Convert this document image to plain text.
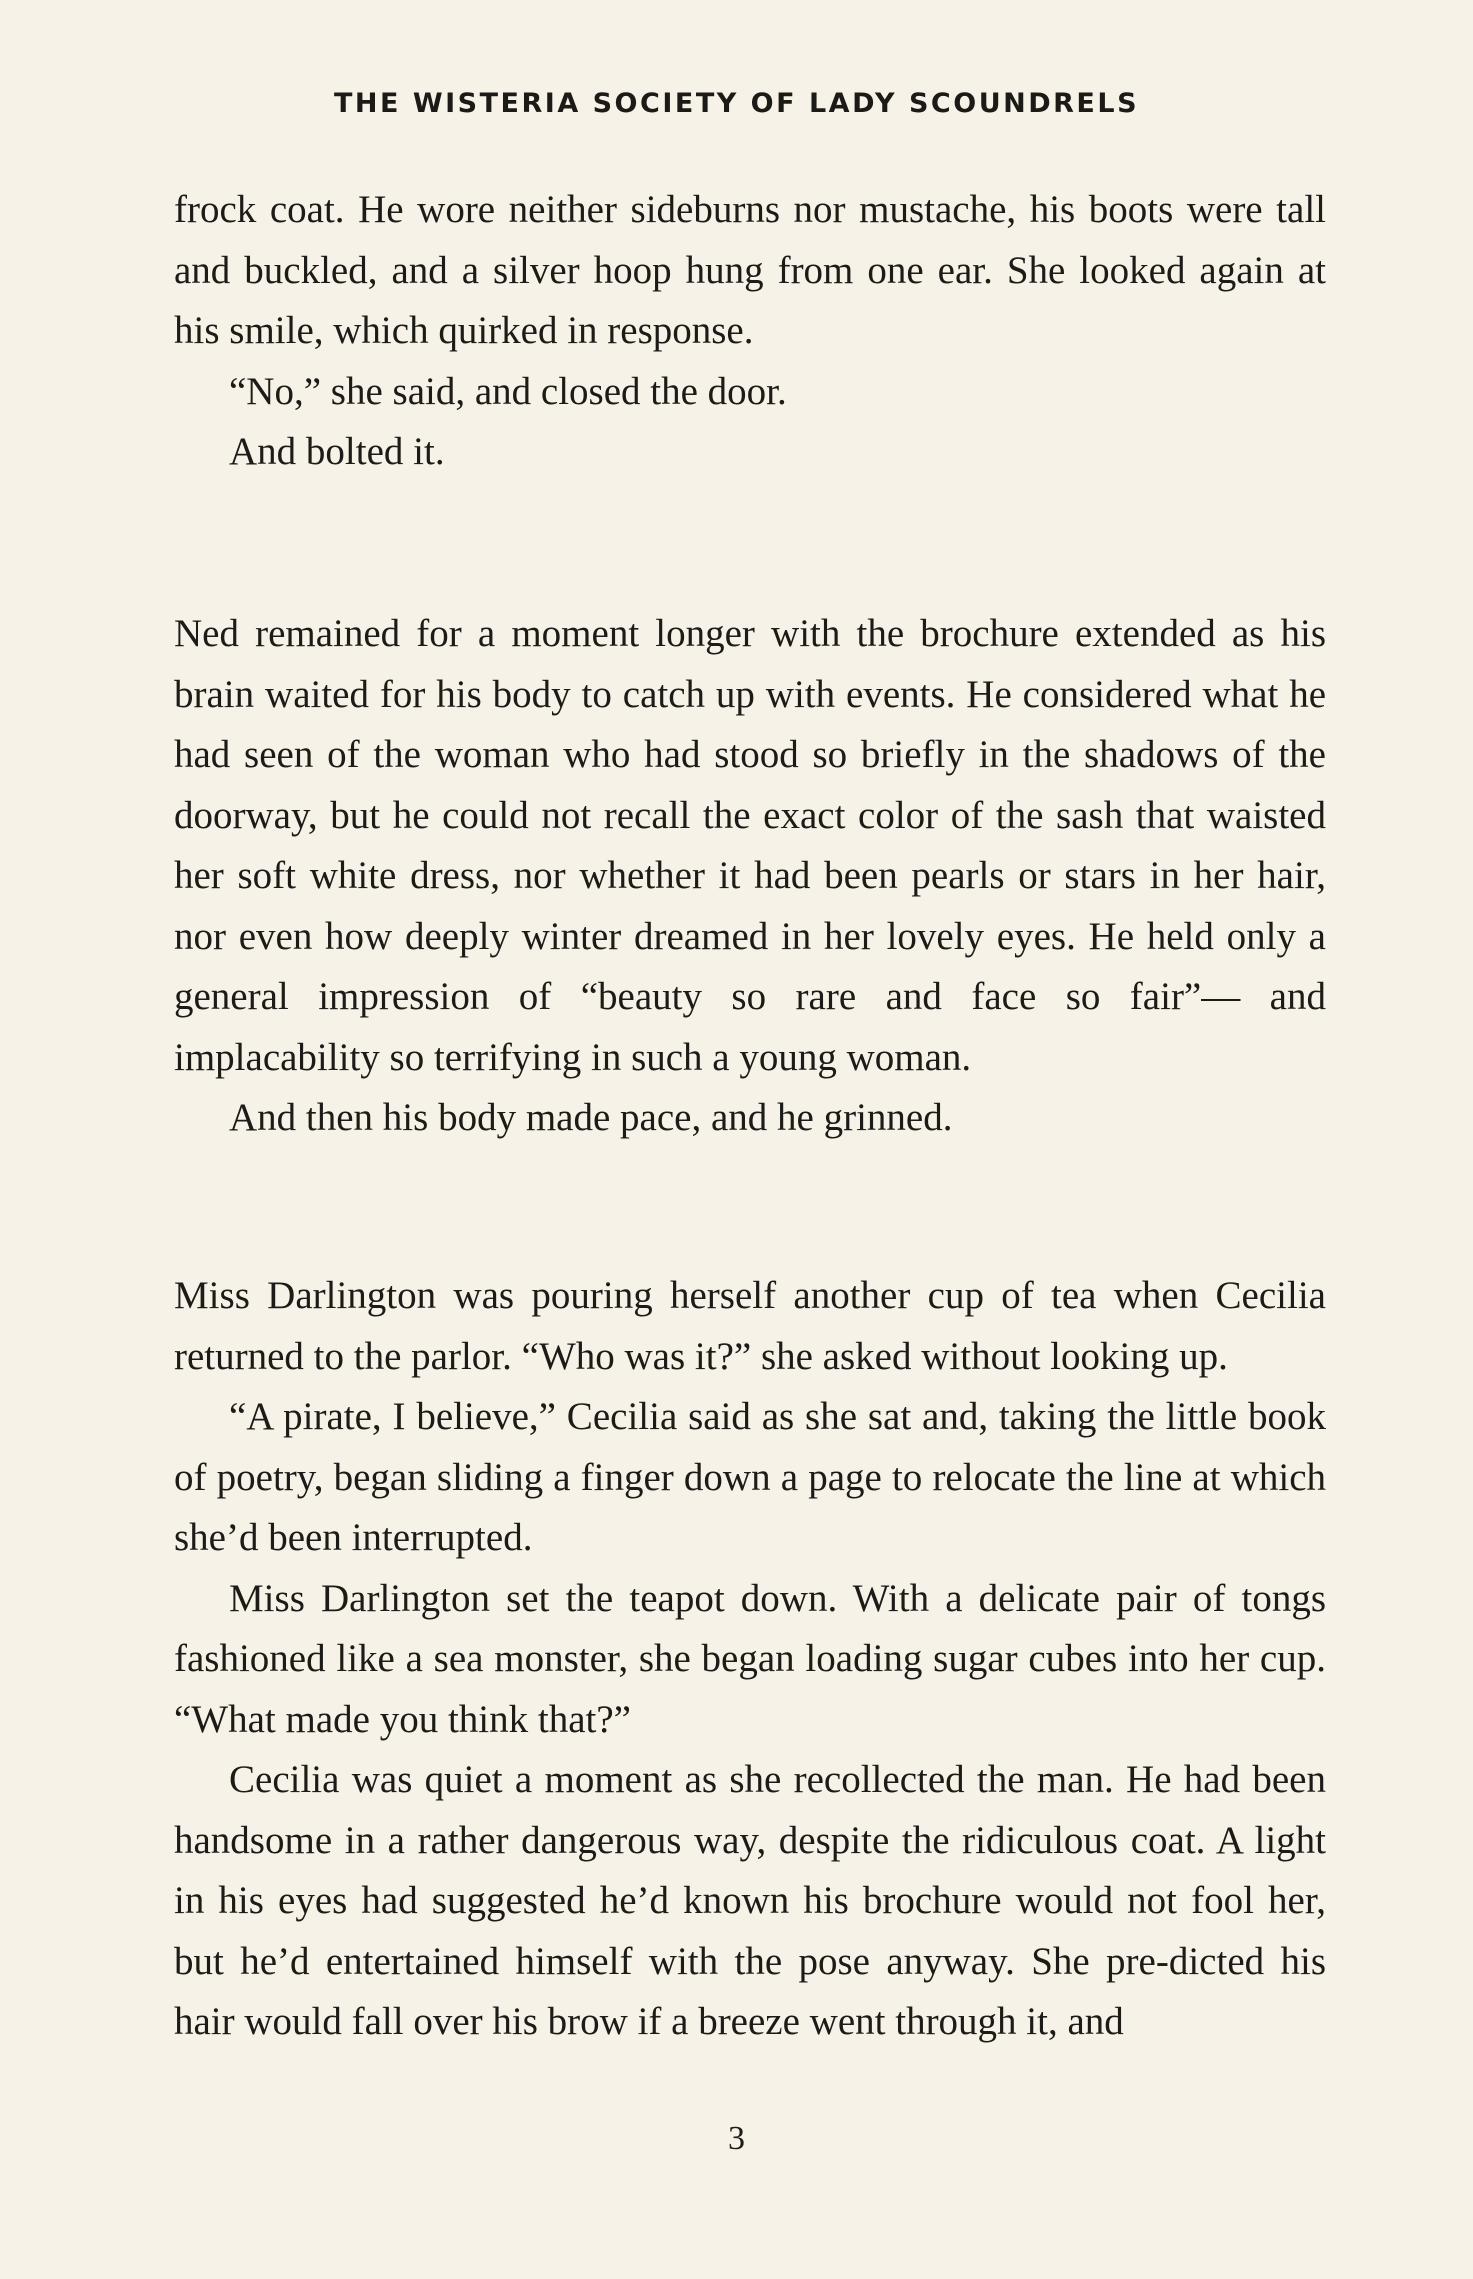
THE WISTERIA SOCIETY OF LADY SCOUNDRELS

frock coat. He wore neither sideburns nor mustache, his boots were tall and buckled, and a silver hoop hung from one ear. She looked again at his smile, which quirked in response.

“No,” she said, and closed the door.

And bolted it.

Ned remained for a moment longer with the brochure extended as his brain waited for his body to catch up with events. He considered what he had seen of the woman who had stood so briefly in the shadows of the doorway, but he could not recall the exact color of the sash that waisted her soft white dress, nor whether it had been pearls or stars in her hair, nor even how deeply winter dreamed in her lovely eyes. He held only a general impression of “beauty so rare and face so fair”— and implacability so terrifying in such a young woman.

And then his body made pace, and he grinned.

Miss Darlington was pouring herself another cup of tea when Cecilia returned to the parlor. “Who was it?” she asked without looking up.

“A pirate, I believe,” Cecilia said as she sat and, taking the little book of poetry, began sliding a finger down a page to relocate the line at which she’d been interrupted.

Miss Darlington set the teapot down. With a delicate pair of tongs fashioned like a sea monster, she began loading sugar cubes into her cup. “What made you think that?”

Cecilia was quiet a moment as she recollected the man. He had been handsome in a rather dangerous way, despite the ridiculous coat. A light in his eyes had suggested he’d known his brochure would not fool her, but he’d entertained himself with the pose anyway. She pre-dicted his hair would fall over his brow if a breeze went through it, and

3
